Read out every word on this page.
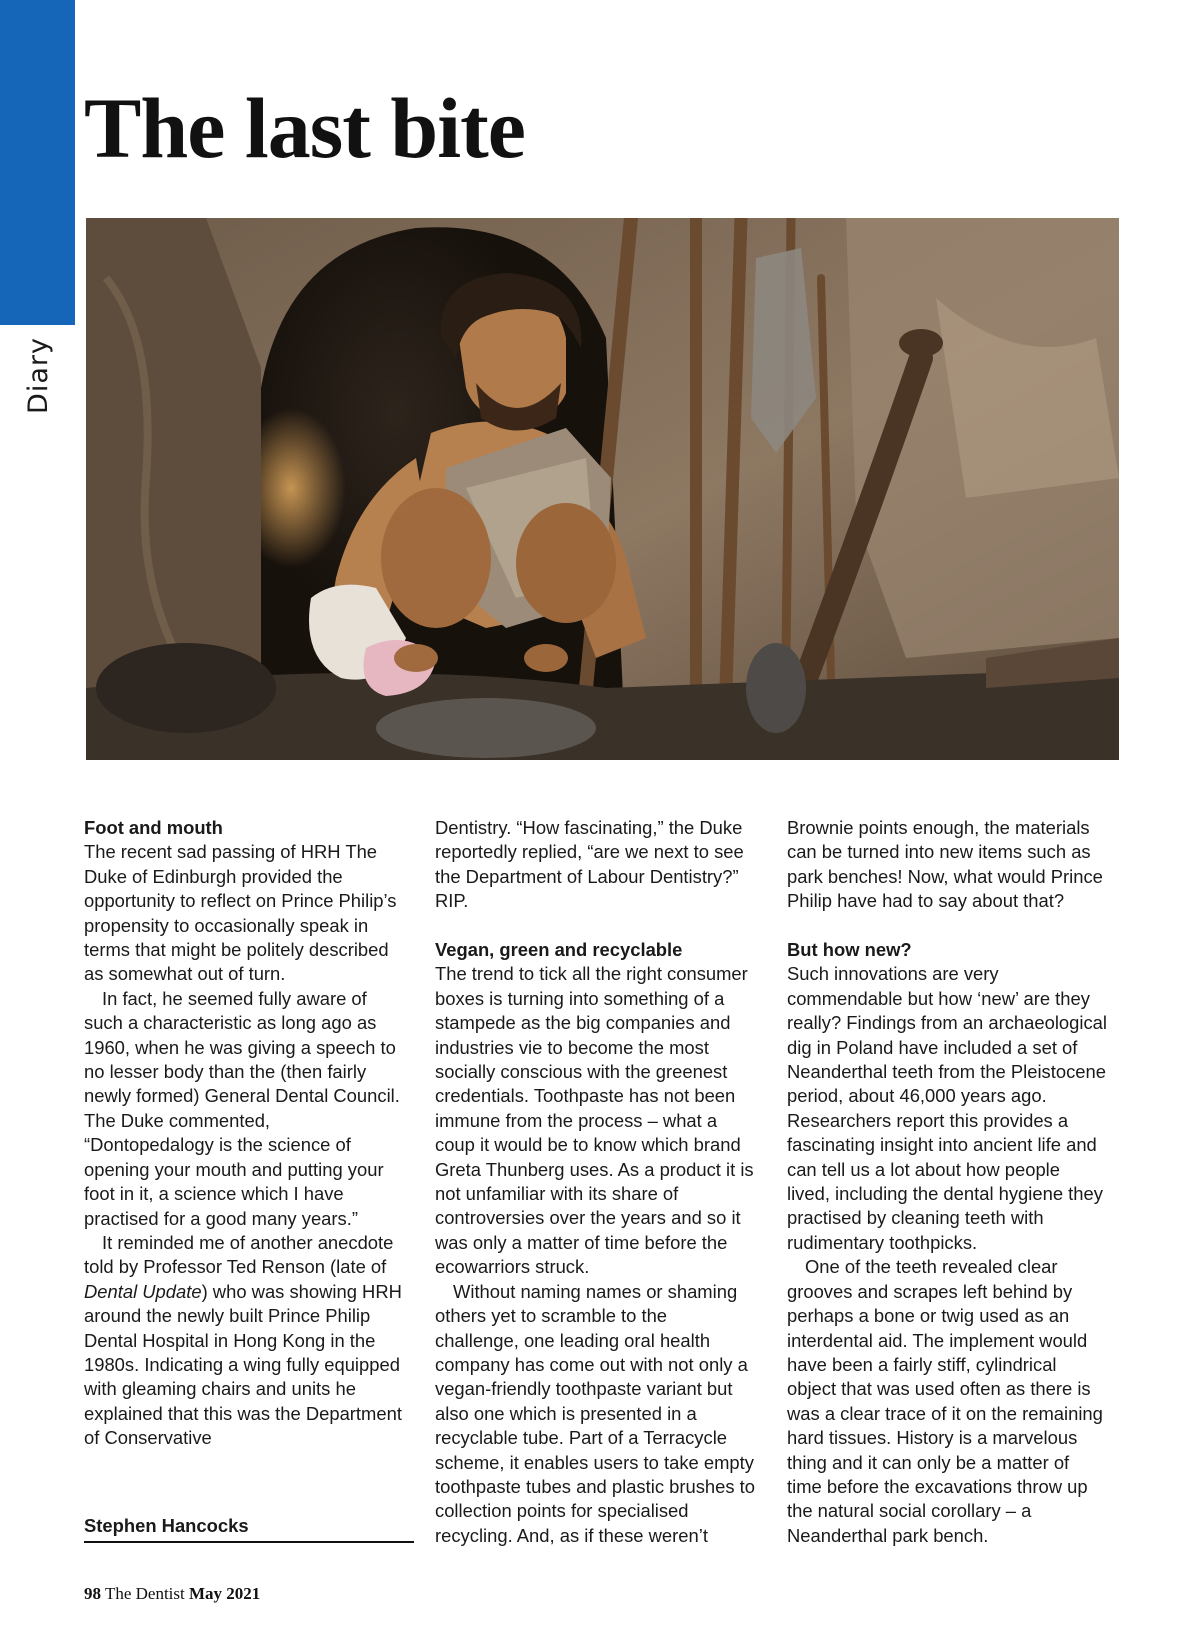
Diary
The last bite
Foot and mouth

The recent sad passing of HRH The Duke of Edinburgh provided the opportunity to reflect on Prince Philip’s propensity to occasionally speak in terms that might be politely described as somewhat out of turn.

In fact, he seemed fully aware of such a characteristic as long ago as 1960, when he was giving a speech to no lesser body than the (then fairly newly formed) General Dental Council. The Duke commented, “Dontopedalogy is the science of opening your mouth and putting your foot in it, a science which I have practised for a good many years.”

It reminded me of another anecdote told by Professor Ted Renson (late of Dental Update) who was showing HRH around the newly built Prince Philip Dental Hospital in Hong Kong in the 1980s. Indicating a wing fully equipped with gleaming chairs and units he explained that this was the Department of Conservative

Dentistry. “How fascinating,” the Duke reportedly replied, “are we next to see the Department of Labour Dentistry?” RIP.

Vegan, green and recyclable

The trend to tick all the right consumer boxes is turning into something of a stampede as the big companies and industries vie to become the most socially conscious with the greenest credentials. Toothpaste has not been immune from the process – what a coup it would be to know which brand Greta Thunberg uses. As a product it is not unfamiliar with its share of controversies over the years and so it was only a matter of time before the ecowarriors struck.

Without naming names or shaming others yet to scramble to the challenge, one leading oral health company has come out with not only a vegan-friendly toothpaste variant but also one which is presented in a recyclable tube. Part of a Terracycle scheme, it enables users to take empty toothpaste tubes and plastic brushes to collection points for specialised recycling. And, as if these weren’t

Brownie points enough, the materials can be turned into new items such as park benches! Now, what would Prince Philip have had to say about that?

But how new?

Such innovations are very commendable but how ‘new’ are they really? Findings from an archaeological dig in Poland have included a set of Neanderthal teeth from the Pleistocene period, about 46,000 years ago. Researchers report this provides a fascinating insight into ancient life and can tell us a lot about how people lived, including the dental hygiene they practised by cleaning teeth with rudimentary toothpicks.

One of the teeth revealed clear grooves and scrapes left behind by perhaps a bone or twig used as an interdental aid. The implement would have been a fairly stiff, cylindrical object that was used often as there is was a clear trace of it on the remaining hard tissues. History is a marvelous thing and it can only be a matter of time before the excavations throw up the natural social corollary – a Neanderthal park bench.

Stephen Hancocks
98 The Dentist May 2021
